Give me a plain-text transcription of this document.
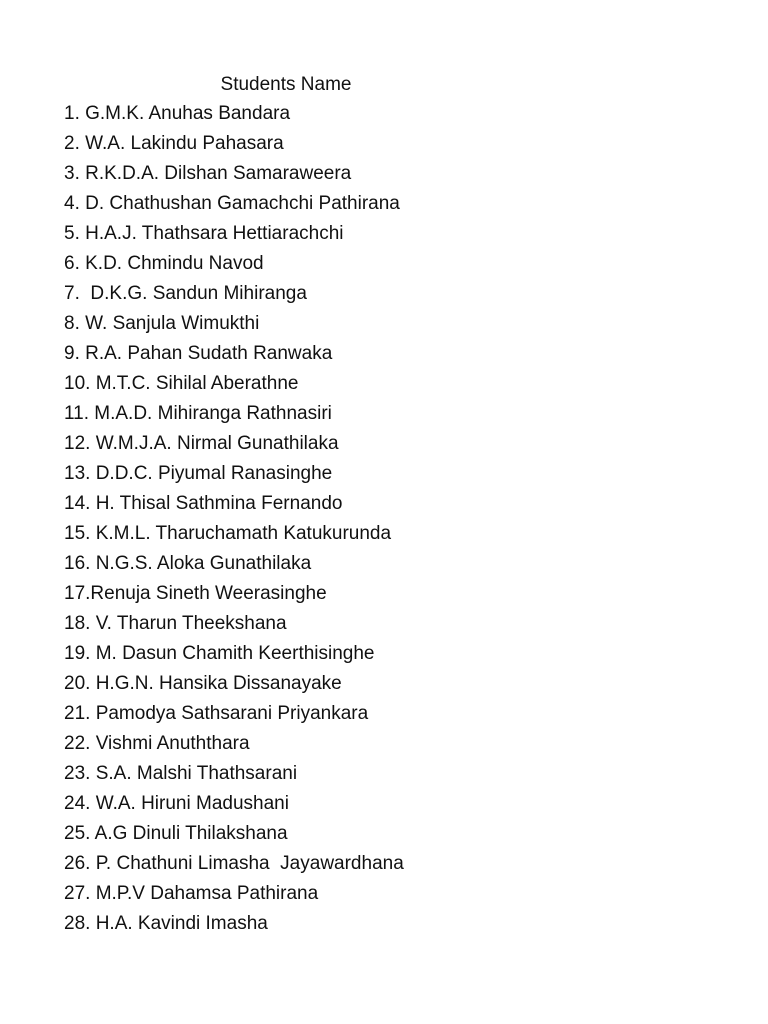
Students Name
1. G.M.K. Anuhas Bandara
2. W.A. Lakindu Pahasara
3. R.K.D.A. Dilshan Samaraweera
4. D. Chathushan Gamachchi Pathirana
5. H.A.J. Thathsara Hettiarachchi
6. K.D. Chmindu Navod
7.  D.K.G. Sandun Mihiranga
8. W. Sanjula Wimukthi
9. R.A. Pahan Sudath Ranwaka
10. M.T.C. Sihilal Aberathne
11. M.A.D. Mihiranga Rathnasiri
12. W.M.J.A. Nirmal Gunathilaka
13. D.D.C. Piyumal Ranasinghe
14. H. Thisal Sathmina Fernando
15. K.M.L. Tharuchamath Katukurunda
16. N.G.S. Aloka Gunathilaka
17.Renuja Sineth Weerasinghe
18. V. Tharun Theekshana
19. M. Dasun Chamith Keerthisinghe
20. H.G.N. Hansika Dissanayake
21. Pamodya Sathsarani Priyankara
22. Vishmi Anuththara
23. S.A. Malshi Thathsarani
24. W.A. Hiruni Madushani
25. A.G Dinuli Thilakshana
26. P. Chathuni Limasha  Jayawardhana
27. M.P.V Dahamsa Pathirana
28. H.A. Kavindi Imasha
